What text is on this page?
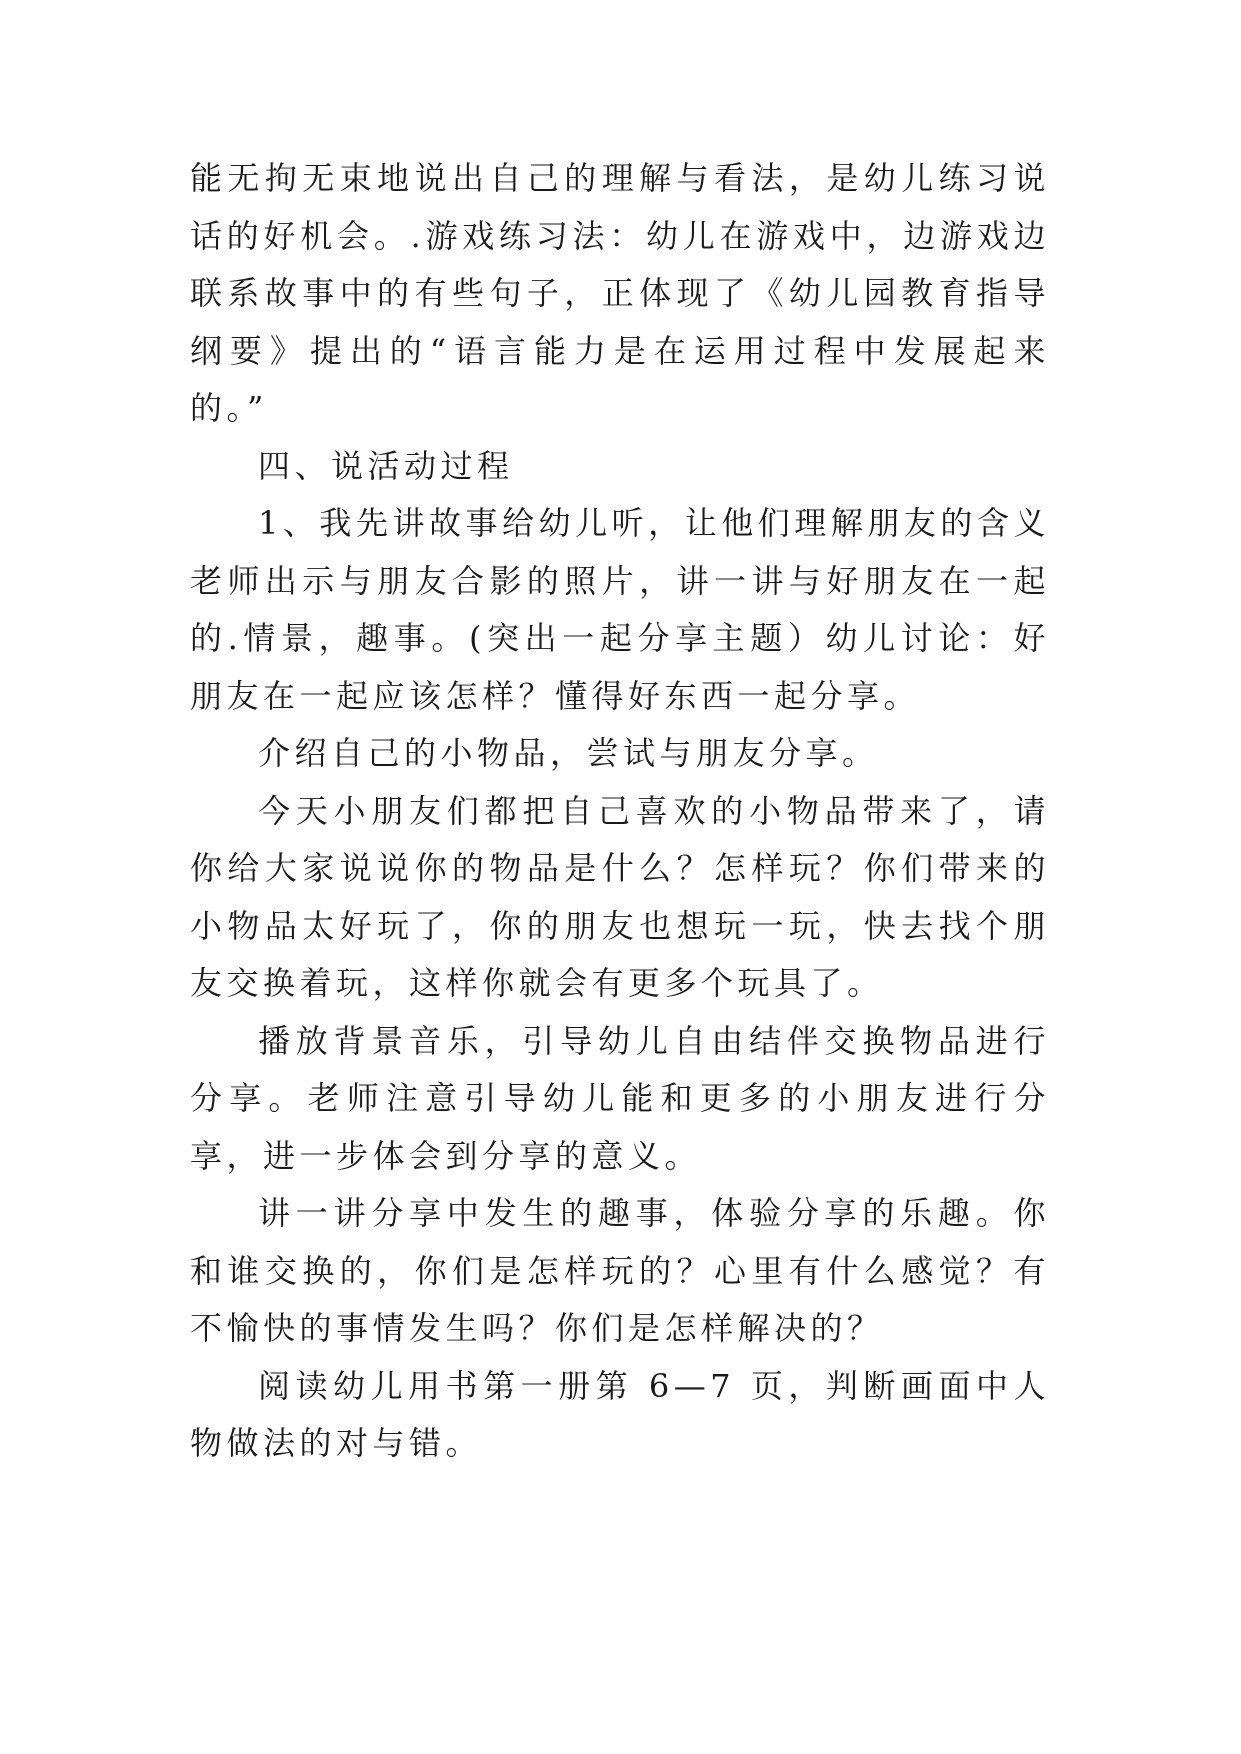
能无拘无束地说出自己的理解与看法，是幼儿练习说话的好机会。.游戏练习法：幼儿在游戏中，边游戏边联系故事中的有些句子，正体现了《幼儿园教育指导纲要》提出的“语言能力是在运用过程中发展起来的。”

四、说活动过程

1、我先讲故事给幼儿听，让他们理解朋友的含义老师出示与朋友合影的照片，讲一讲与好朋友在一起的.情景，趣事。(突出一起分享主题）幼儿讨论：好朋友在一起应该怎样？懂得好东西一起分享。

介绍自己的小物品，尝试与朋友分享。

今天小朋友们都把自己喜欢的小物品带来了，请你给大家说说你的物品是什么？怎样玩？你们带来的小物品太好玩了，你的朋友也想玩一玩，快去找个朋友交换着玩，这样你就会有更多个玩具了。

播放背景音乐，引导幼儿自由结伴交换物品进行分享。老师注意引导幼儿能和更多的小朋友进行分享，进一步体会到分享的意义。

讲一讲分享中发生的趣事，体验分享的乐趣。你和谁交换的，你们是怎样玩的？心里有什么感觉？有不愉快的事情发生吗？你们是怎样解决的？

阅读幼儿用书第一册第 6—7 页，判断画面中人物做法的对与错。
